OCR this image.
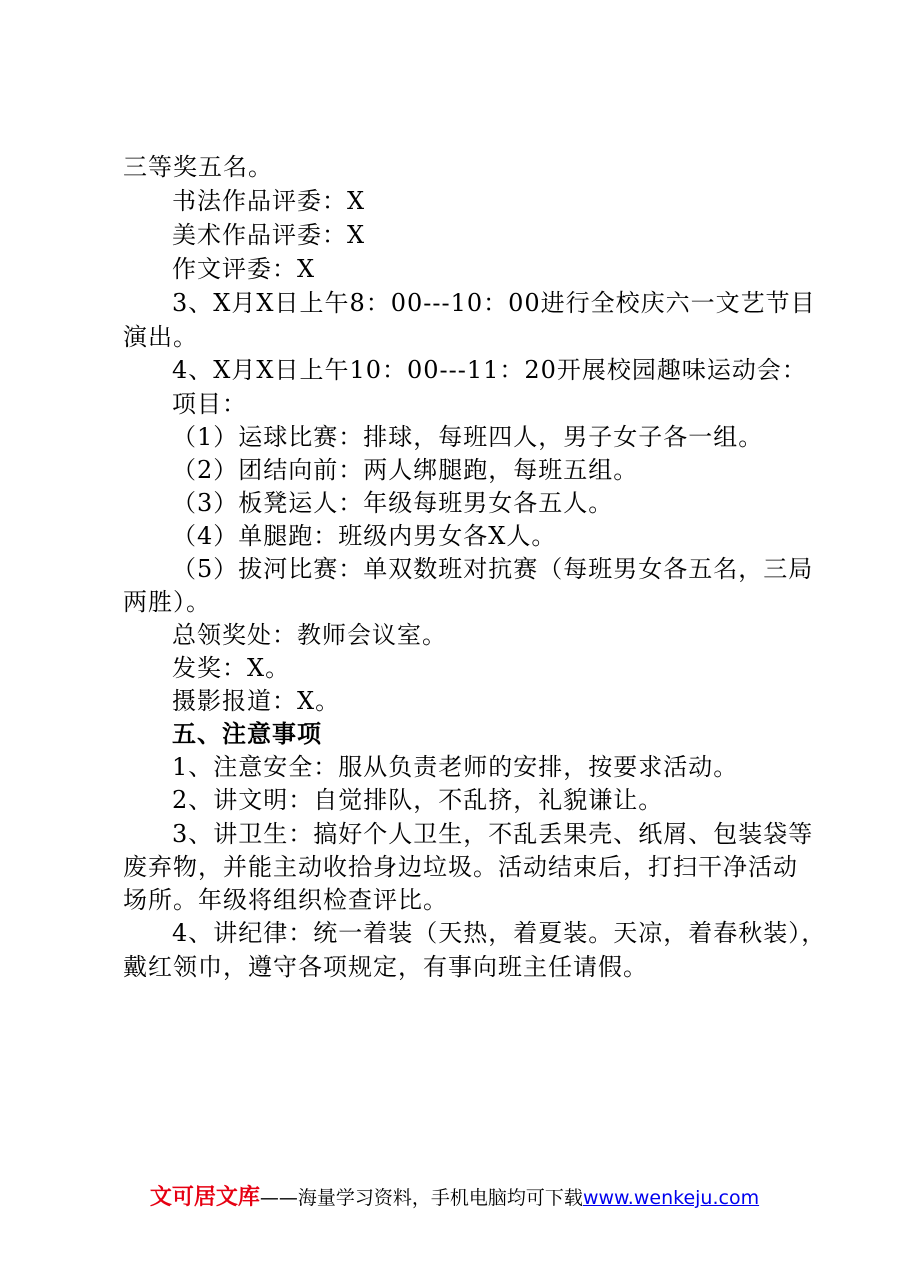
三等奖五名。
书法作品评委：X
美术作品评委：X
作文评委：X
3、X月X日上午8：00---10：00进行全校庆六一文艺节目
演出。
4、X月X日上午10：00---11：20开展校园趣味运动会：
项目：
（1）运球比赛：排球，每班四人，男子女子各一组。
（2）团结向前：两人绑腿跑，每班五组。
（3）板凳运人：年级每班男女各五人。
（4）单腿跑：班级内男女各X人。
（5）拔河比赛：单双数班对抗赛（每班男女各五名，三局
两胜）。
总领奖处：教师会议室。
发奖：X。
摄影报道：X。
五、注意事项
1、注意安全：服从负责老师的安排，按要求活动。
2、讲文明：自觉排队，不乱挤，礼貌谦让。
3、讲卫生：搞好个人卫生，不乱丢果壳、纸屑、包装袋等
废弃物，并能主动收拾身边垃圾。活动结束后，打扫干净活动
场所。年级将组织检查评比。
4、讲纪律：统一着装（天热，着夏装。天凉，着春秋装），
戴红领巾，遵守各项规定，有事向班主任请假。
文可居文库——海量学习资料，手机电脑均可下载www.wenkeju.com
